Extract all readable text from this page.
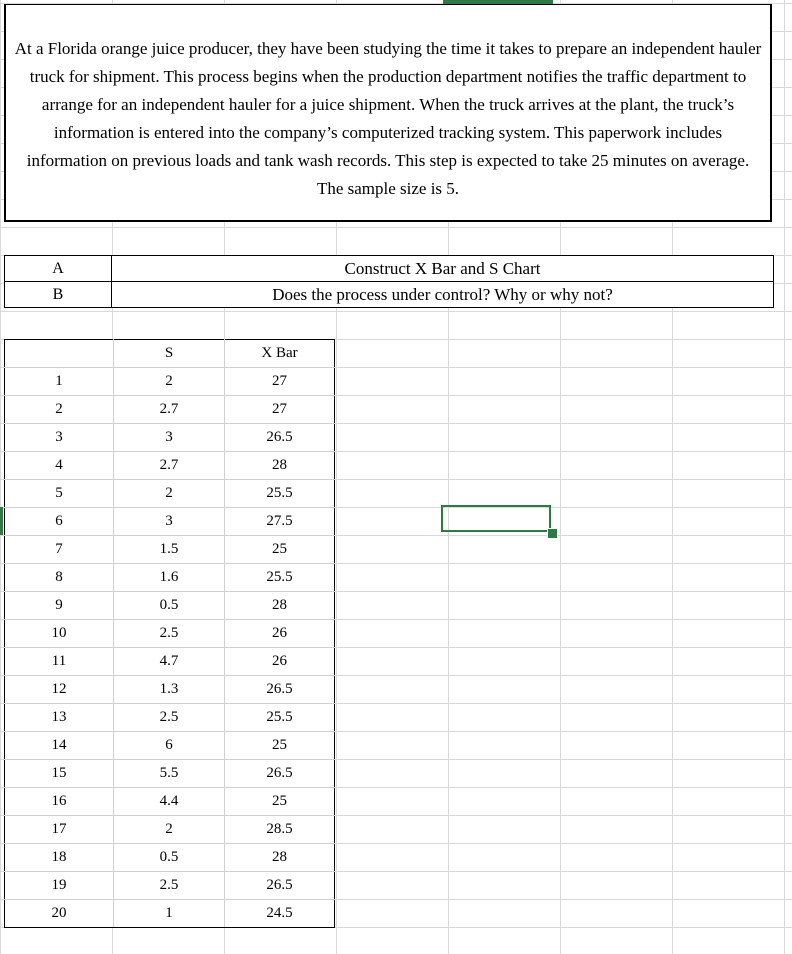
At a Florida orange juice producer, they have been studying the time it takes to prepare an independent hauler truck for shipment. This process begins when the production department notifies the traffic department to arrange for an independent hauler for a juice shipment. When the truck arrives at the plant, the truck’s information is entered into the company’s computerized tracking system. This paperwork includes information on previous loads and tank wash records. This step is expected to take 25 minutes on average. The sample size is 5.
A	Construct X Bar and S Chart
B	Does the process under control? Why or why not?
	S	X Bar
1	2	27
2	2.7	27
3	3	26.5
4	2.7	28
5	2	25.5
6	3	27.5
7	1.5	25
8	1.6	25.5
9	0.5	28
10	2.5	26
11	4.7	26
12	1.3	26.5
13	2.5	25.5
14	6	25
15	5.5	26.5
16	4.4	25
17	2	28.5
18	0.5	28
19	2.5	26.5
20	1	24.5
